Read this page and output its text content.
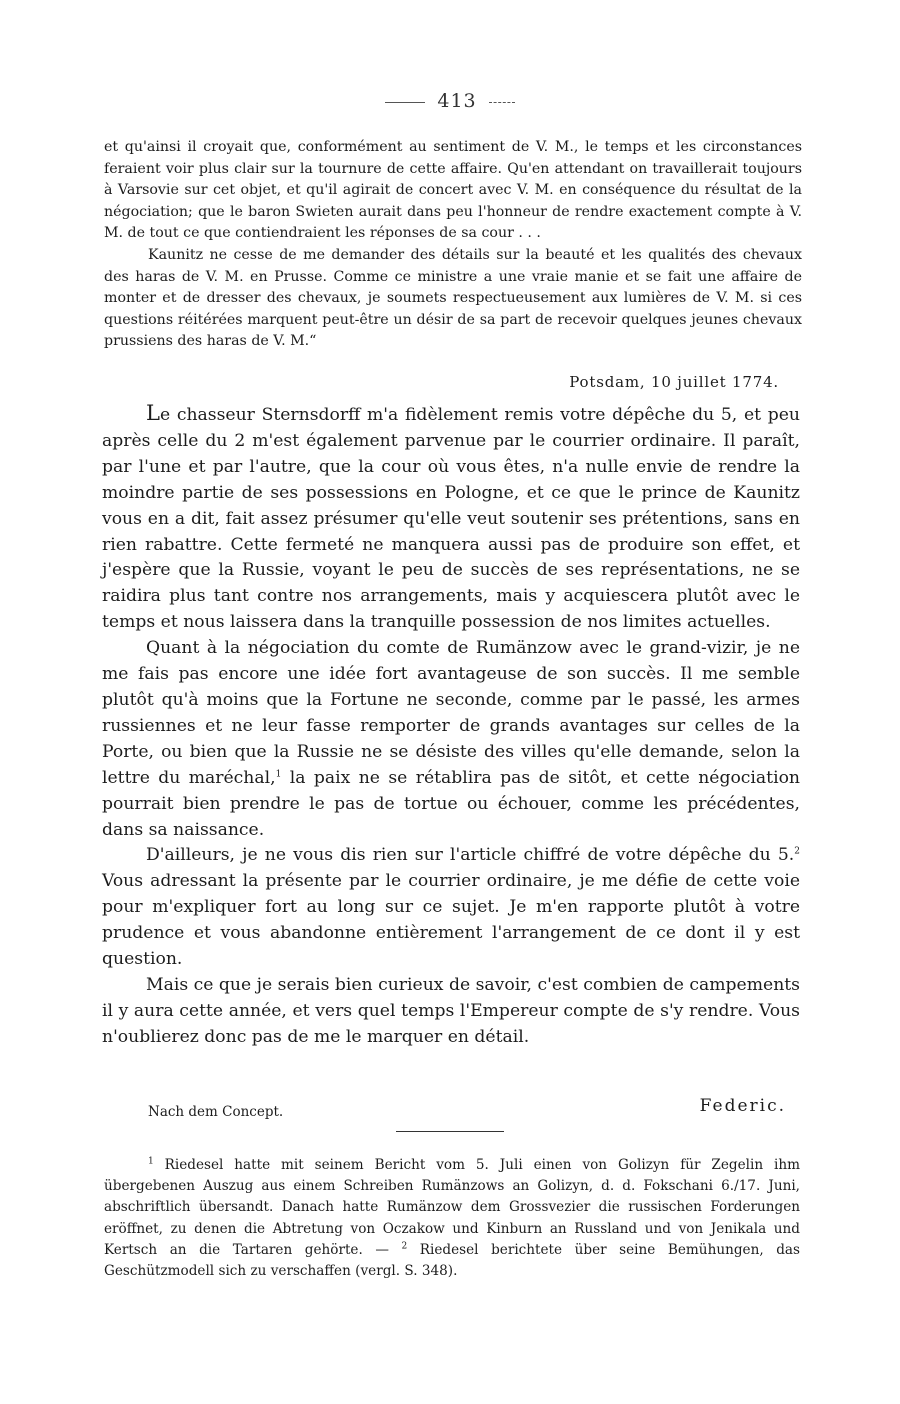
413

et qu'ainsi il croyait que, conformément au sentiment de V. M., le temps et les circonstances feraient voir plus clair sur la tournure de cette affaire. Qu'en attendant on travaillerait toujours à Varsovie sur cet objet, et qu'il agirait de concert avec V. M. en conséquence du résultat de la négociation; que le baron Swieten aurait dans peu l'honneur de rendre exactement compte à V. M. de tout ce que contiendraient les réponses de sa cour . . .

Kaunitz ne cesse de me demander des détails sur la beauté et les qualités des chevaux des haras de V. M. en Prusse. Comme ce ministre a une vraie manie et se fait une affaire de monter et de dresser des chevaux, je soumets respectueusement aux lumières de V. M. si ces questions réitérées marquent peut-être un désir de sa part de recevoir quelques jeunes chevaux prussiens des haras de V. M.“

Potsdam, 10 juillet 1774.

Le chasseur Sternsdorff m'a fidèlement remis votre dépêche du 5, et peu après celle du 2 m'est également parvenue par le courrier ordinaire. Il paraît, par l'une et par l'autre, que la cour où vous êtes, n'a nulle envie de rendre la moindre partie de ses possessions en Pologne, et ce que le prince de Kaunitz vous en a dit, fait assez présumer qu'elle veut soutenir ses prétentions, sans en rien rabattre. Cette fermeté ne manquera aussi pas de produire son effet, et j'espère que la Russie, voyant le peu de succès de ses représentations, ne se raidira plus tant contre nos arrangements, mais y acquiescera plutôt avec le temps et nous laissera dans la tranquille possession de nos limites actuelles.

Quant à la négociation du comte de Rumänzow avec le grand-vizir, je ne me fais pas encore une idée fort avantageuse de son succès. Il me semble plutôt qu'à moins que la Fortune ne seconde, comme par le passé, les armes russiennes et ne leur fasse remporter de grands avantages sur celles de la Porte, ou bien que la Russie ne se désiste des villes qu'elle demande, selon la lettre du maréchal,$^1$ la paix ne se rétablira pas de sitôt, et cette négociation pourrait bien prendre le pas de tortue ou échouer, comme les précédentes, dans sa naissance.

D'ailleurs, je ne vous dis rien sur l'article chiffré de votre dépêche du 5.$^2$ Vous adressant la présente par le courrier ordinaire, je me défie de cette voie pour m'expliquer fort au long sur ce sujet. Je m'en rapporte plutôt à votre prudence et vous abandonne entièrement l'arrangement de ce dont il y est question.

Mais ce que je serais bien curieux de savoir, c'est combien de campements il y aura cette année, et vers quel temps l'Empereur compte de s'y rendre. Vous n'oublierez donc pas de me le marquer en détail.

Nach dem Concept.	Federic.

$^1$ Riedesel hatte mit seinem Bericht vom 5. Juli einen von Golizyn für Zegelin ihm übergebenen Auszug aus einem Schreiben Rumänzows an Golizyn, d. d. Fokschani 6./17. Juni, abschriftlich übersandt. Danach hatte Rumänzow dem Grossvezier die russischen Forderungen eröffnet, zu denen die Abtretung von Oczakow und Kinburn an Russland und von Jenikala und Kertsch an die Tartaren gehörte. — $^2$ Riedesel berichtete über seine Bemühungen, das Geschützmodell sich zu verschaffen (vergl. S. 348).
